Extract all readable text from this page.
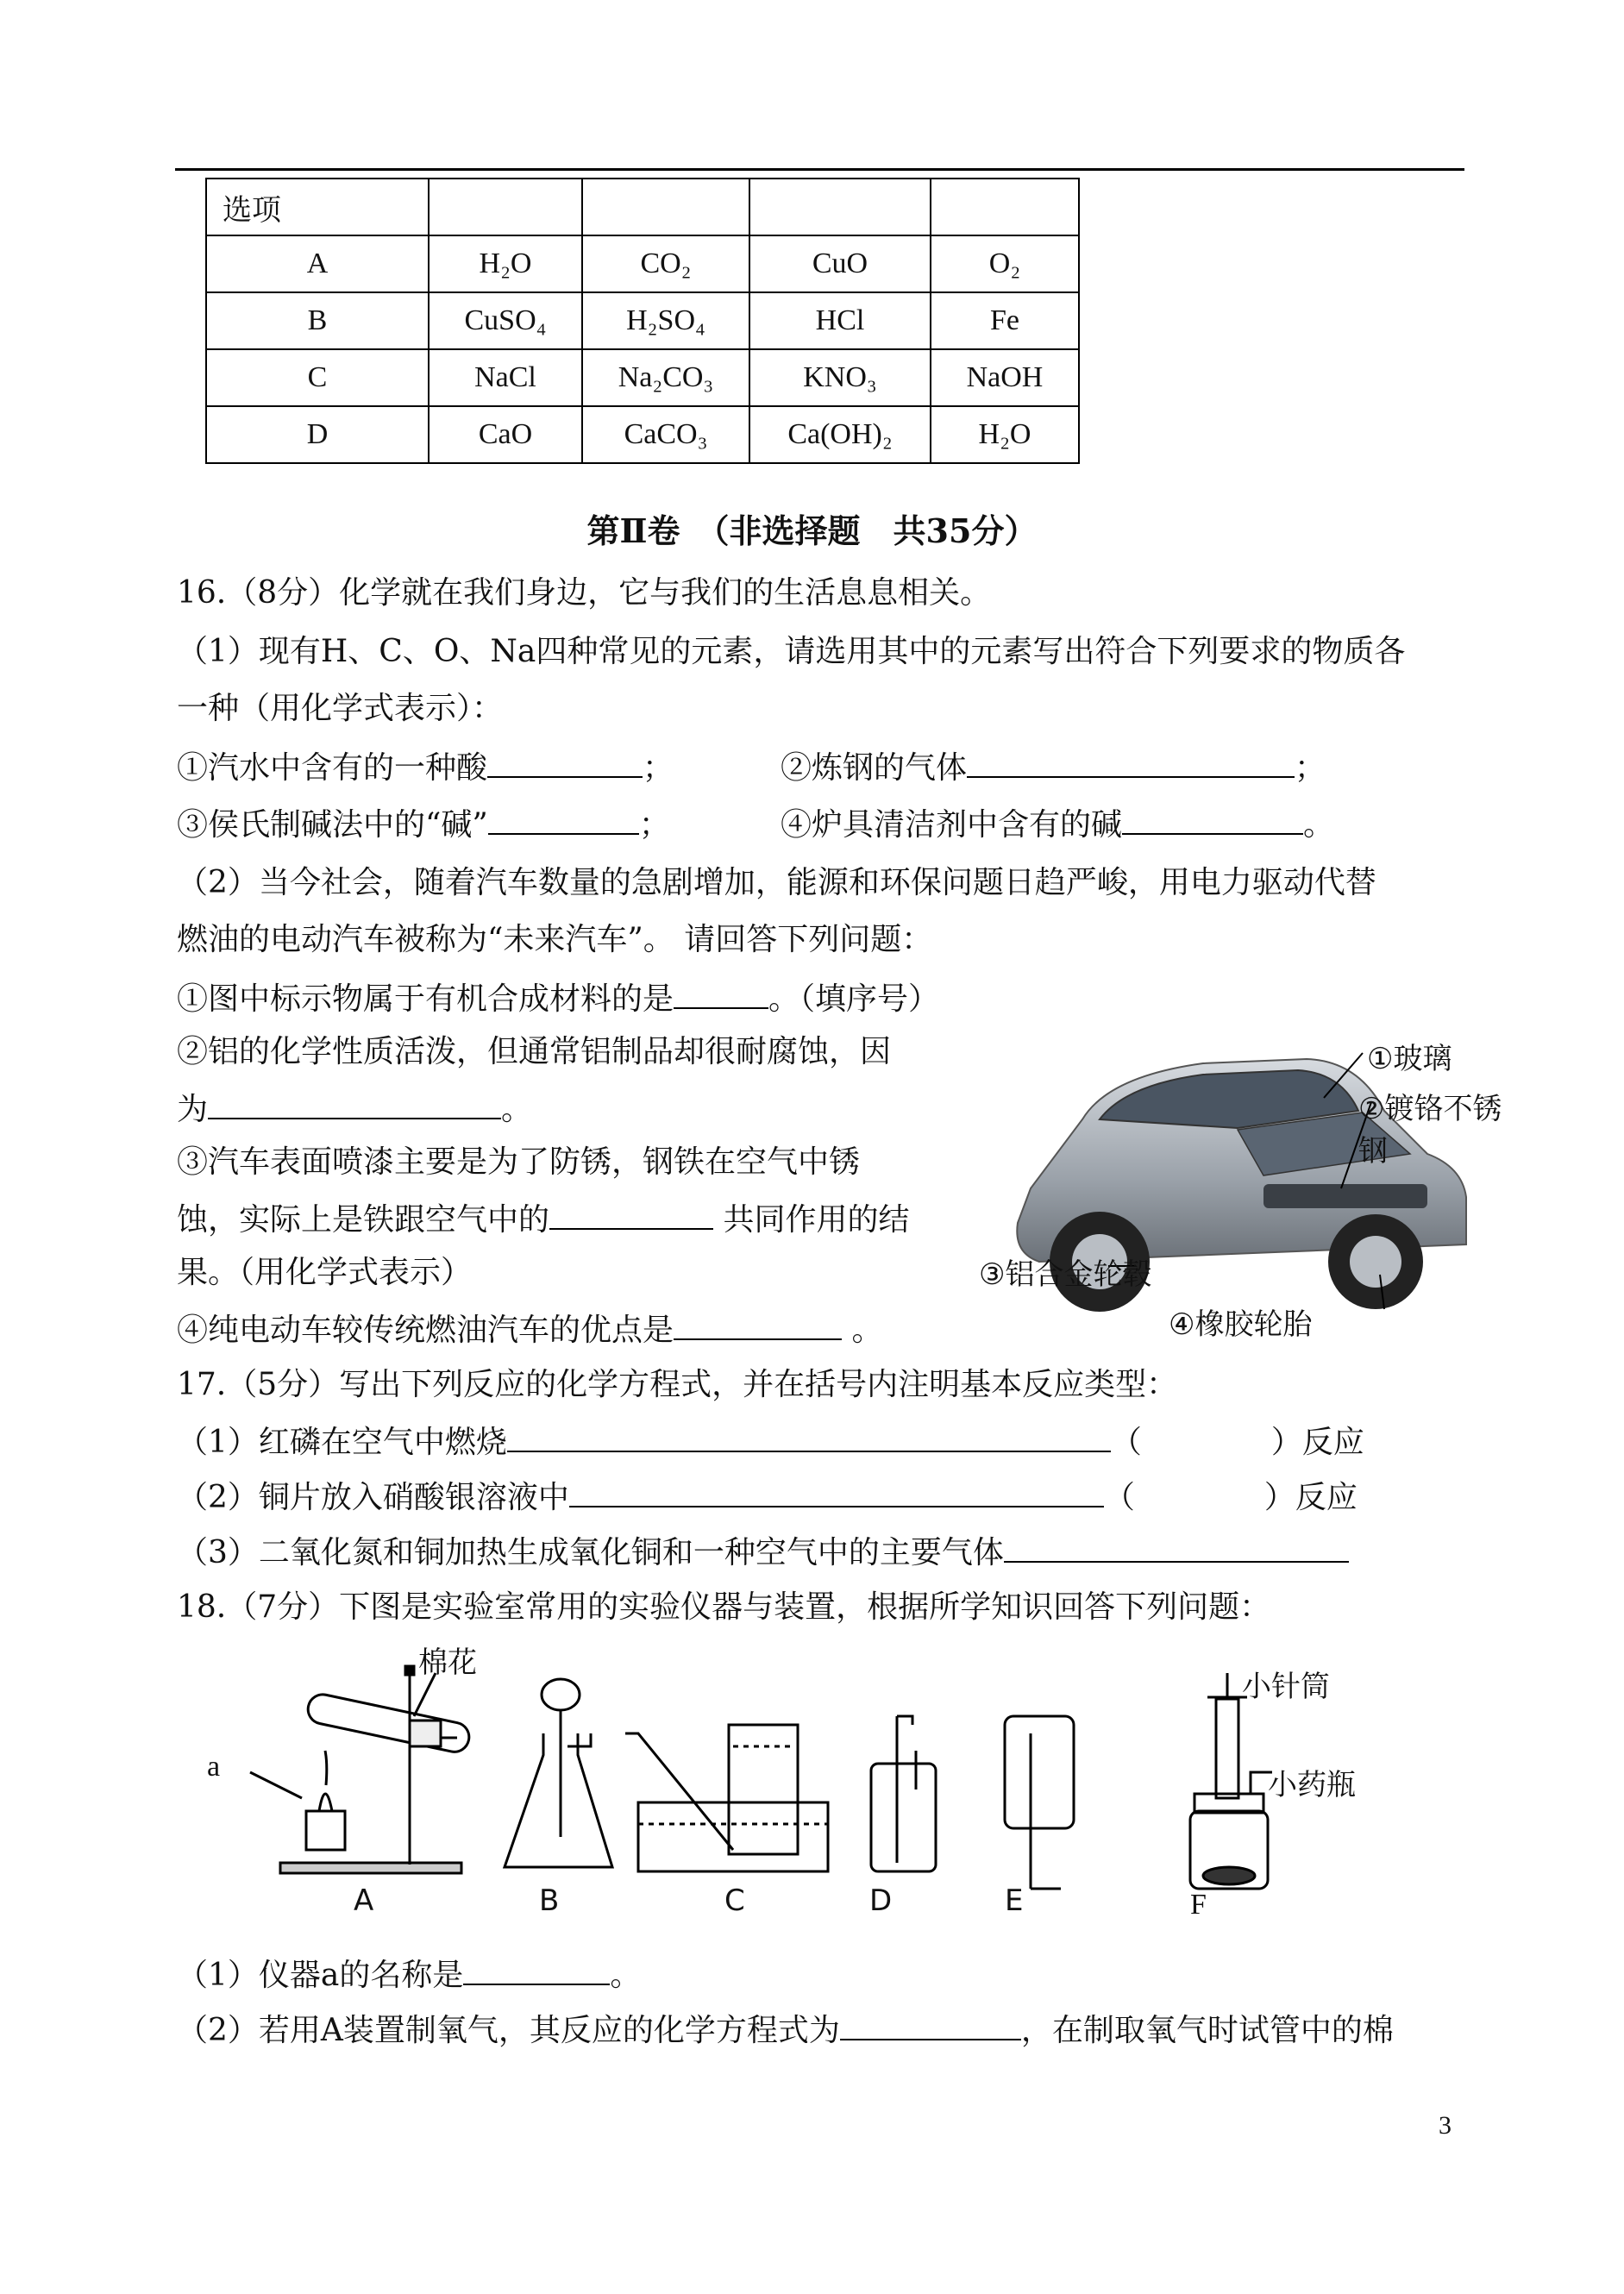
选项				
A	H₂O	CO₂	CuO	O₂
B	CuSO₄	H₂SO₄	HCl	Fe
C	NaCl	Na₂CO₃	KNO₃	NaOH
D	CaO	CaCO₃	Ca(OH)₂	H₂O
第Ⅱ卷　（非选择题　共35分）
16.（8分）化学就在我们身边，它与我们的生活息息相关。
（1）现有H、C、O、Na四种常见的元素，请选用其中的元素写出符合下列要求的物质各
一种（用化学式表示）：
①汽水中含有的一种酸	；	②炼钢的气体	；
③侯氏制碱法中的“碱”	；	④炉具清洁剂中含有的碱	。
（2）当今社会，随着汽车数量的急剧增加，能源和环保问题日趋严峻，用电力驱动代替
燃油的电动汽车被称为“未来汽车”。 请回答下列问题：
①图中标示物属于有机合成材料的是	。（填序号）
②铝的化学性质活泼，但通常铝制品却很耐腐蚀，因
为	。
③汽车表面喷漆主要是为了防锈，钢铁在空气中锈
蚀，实际上是铁跟空气中的	共同作用的结
果。（用化学式表示）
④纯电动车较传统燃油汽车的优点是	。
①玻璃
②镀铬不锈钢
③铝合金轮毂
④橡胶轮胎
17.（5分）写出下列反应的化学方程式，并在括号内注明基本反应类型：
（1）红磷在空气中燃烧	（	）反应
（2）铜片放入硝酸银溶液中	（	）反应
（3）二氧化氮和铜加热生成氧化铜和一种空气中的主要气体
18.（7分）下图是实验室常用的实验仪器与装置，根据所学知识回答下列问题：
棉花
a
小针筒
小药瓶
A	B	C	D	E	F
（1）仪器a的名称是	。
（2）若用A装置制氧气，其反应的化学方程式为	，在制取氧气时试管中的棉
3
